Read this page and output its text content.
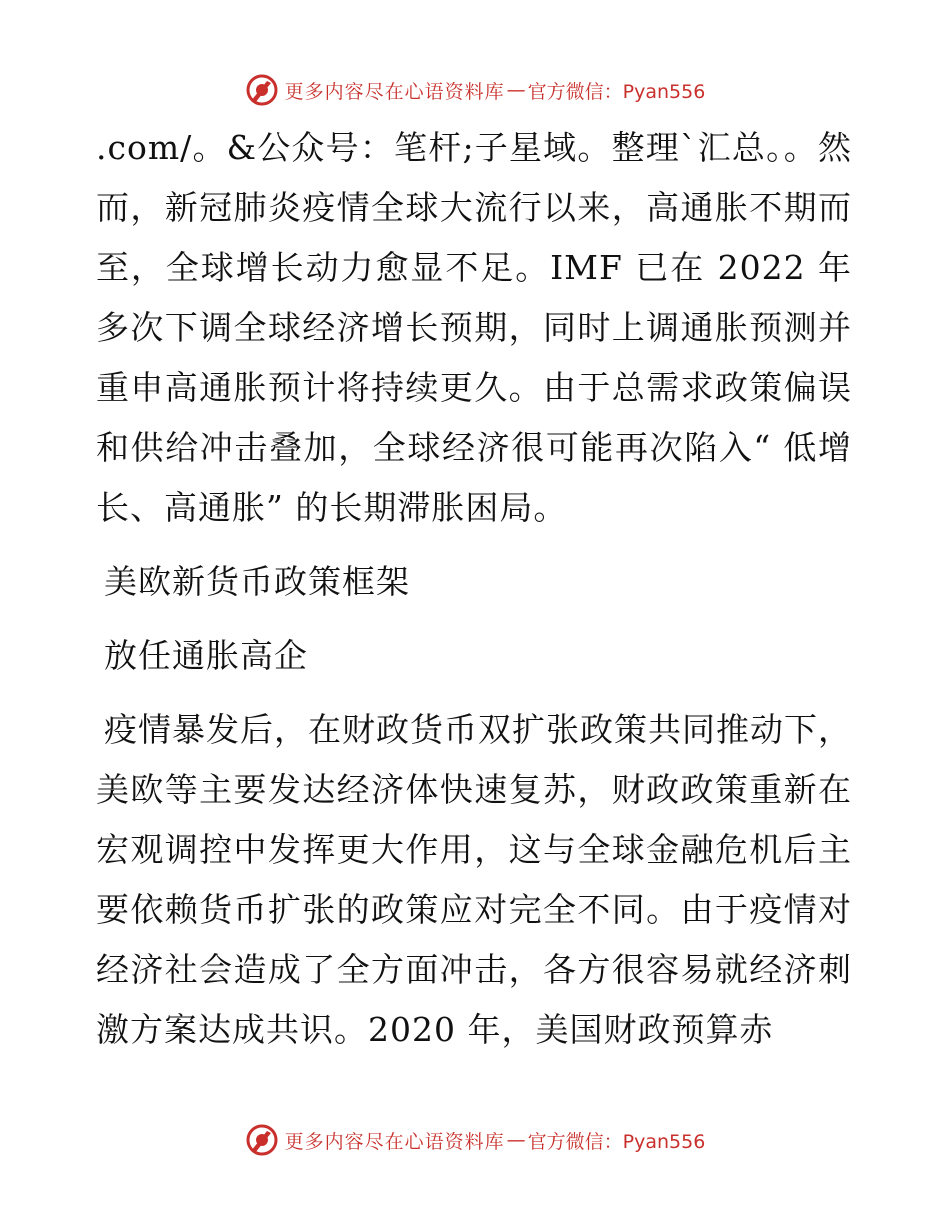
更多内容尽在心语资料库 — 官方微信：Pyan556

.com/。&公众号：笔杆;子星域。整理`汇总。。然而，新冠肺炎疫情全球大流行以来，高通胀不期而至，全球增长动力愈显不足。IMF 已在 2022 年多次下调全球经济增长预期，同时上调通胀预测并重申高通胀预计将持续更久。由于总需求政策偏误和供给冲击叠加，全球经济很可能再次陷入“ 低增长、高通胀” 的长期滞胀困局。

美欧新货币政策框架

放任通胀高企

疫情暴发后，在财政货币双扩张政策共同推动下，美欧等主要发达经济体快速复苏，财政政策重新在宏观调控中发挥更大作用，这与全球金融危机后主要依赖货币扩张的政策应对完全不同。由于疫情对经济社会造成了全方面冲击，各方很容易就经济刺激方案达成共识。2020 年，美国财政预算赤

更多内容尽在心语资料库 — 官方微信：Pyan556
